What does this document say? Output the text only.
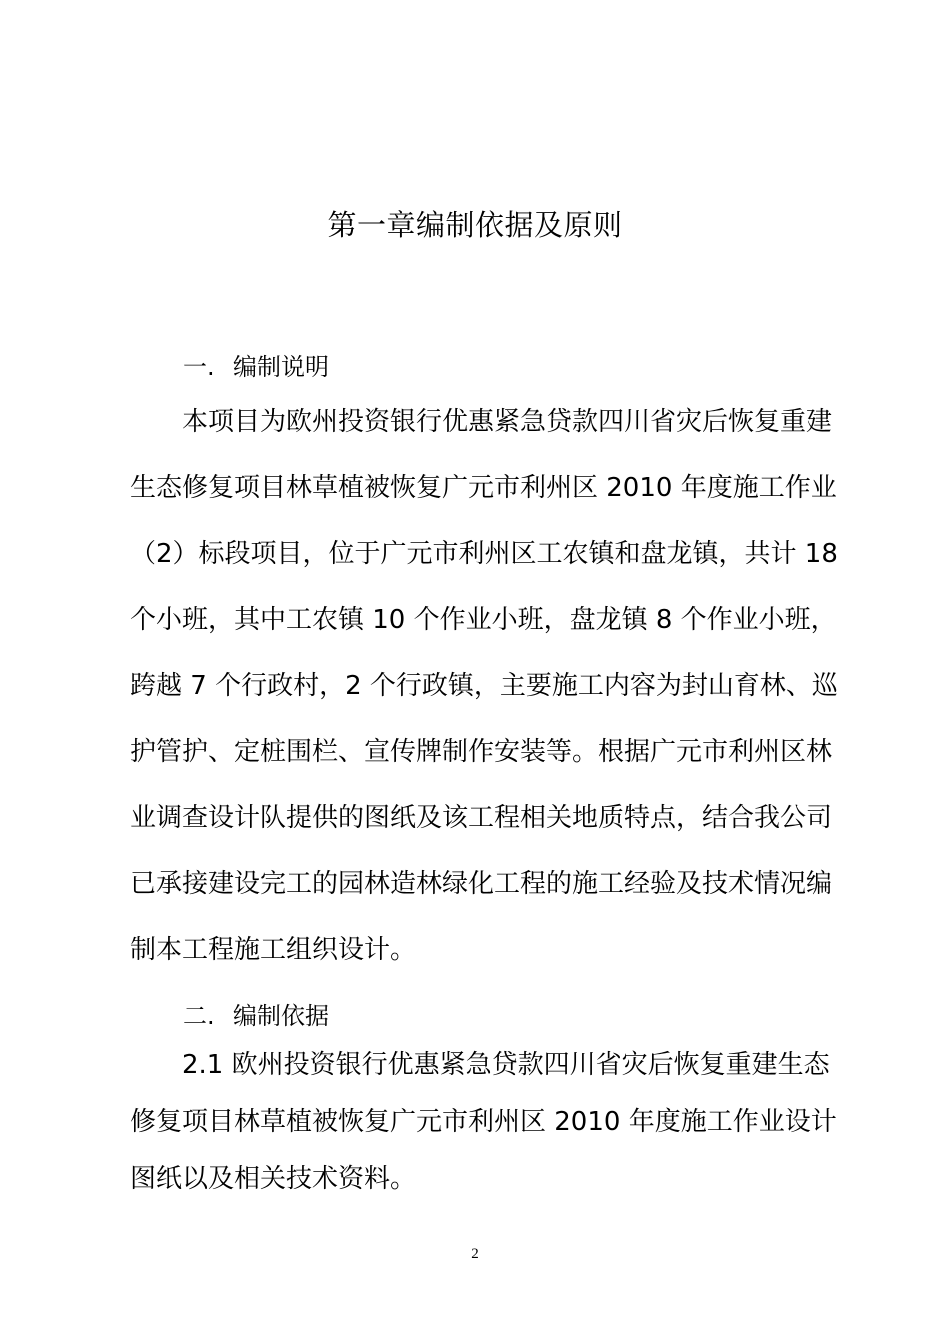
第一章编制依据及原则
一. 编制说明
本项目为欧州投资银行优惠紧急贷款四川省灾后恢复重建
生态修复项目林草植被恢复广元市利州区 2010 年度施工作业
（2）标段项目，位于广元市利州区工农镇和盘龙镇，共计 18
个小班，其中工农镇 10 个作业小班，盘龙镇 8 个作业小班，
跨越 7 个行政村，2 个行政镇，主要施工内容为封山育林、巡
护管护、定桩围栏、宣传牌制作安装等。根据广元市利州区林
业调查设计队提供的图纸及该工程相关地质特点，结合我公司
已承接建设完工的园林造林绿化工程的施工经验及技术情况编
制本工程施工组织设计。
二. 编制依据
2.1 欧州投资银行优惠紧急贷款四川省灾后恢复重建生态
修复项目林草植被恢复广元市利州区 2010 年度施工作业设计
图纸以及相关技术资料。
2
